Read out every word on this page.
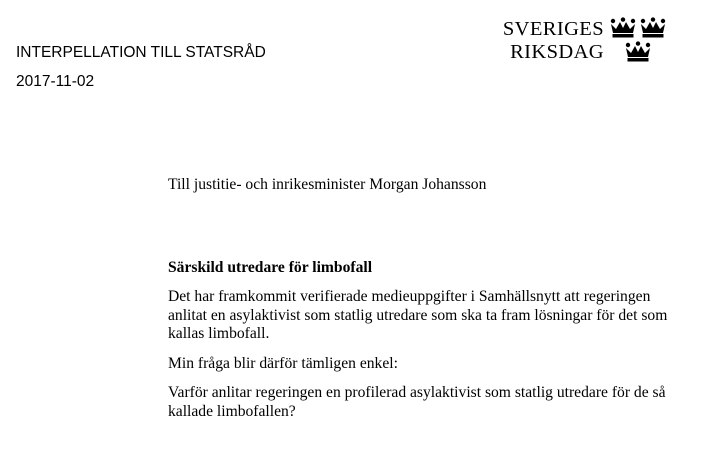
INTERPELLATION TILL STATSRÅD
2017-11-02
SVERIGES
RIKSDAG
Till justitie- och inrikesminister Morgan Johansson
Särskild utredare för limbofall
Det har framkommit verifierade medieuppgifter i Samhällsnytt att regeringen anlitat en asylaktivist som statlig utredare som ska ta fram lösningar för det som kallas limbofall.
Min fråga blir därför tämligen enkel:
Varför anlitar regeringen en profilerad asylaktivist som statlig utredare för de så kallade limbofallen?
